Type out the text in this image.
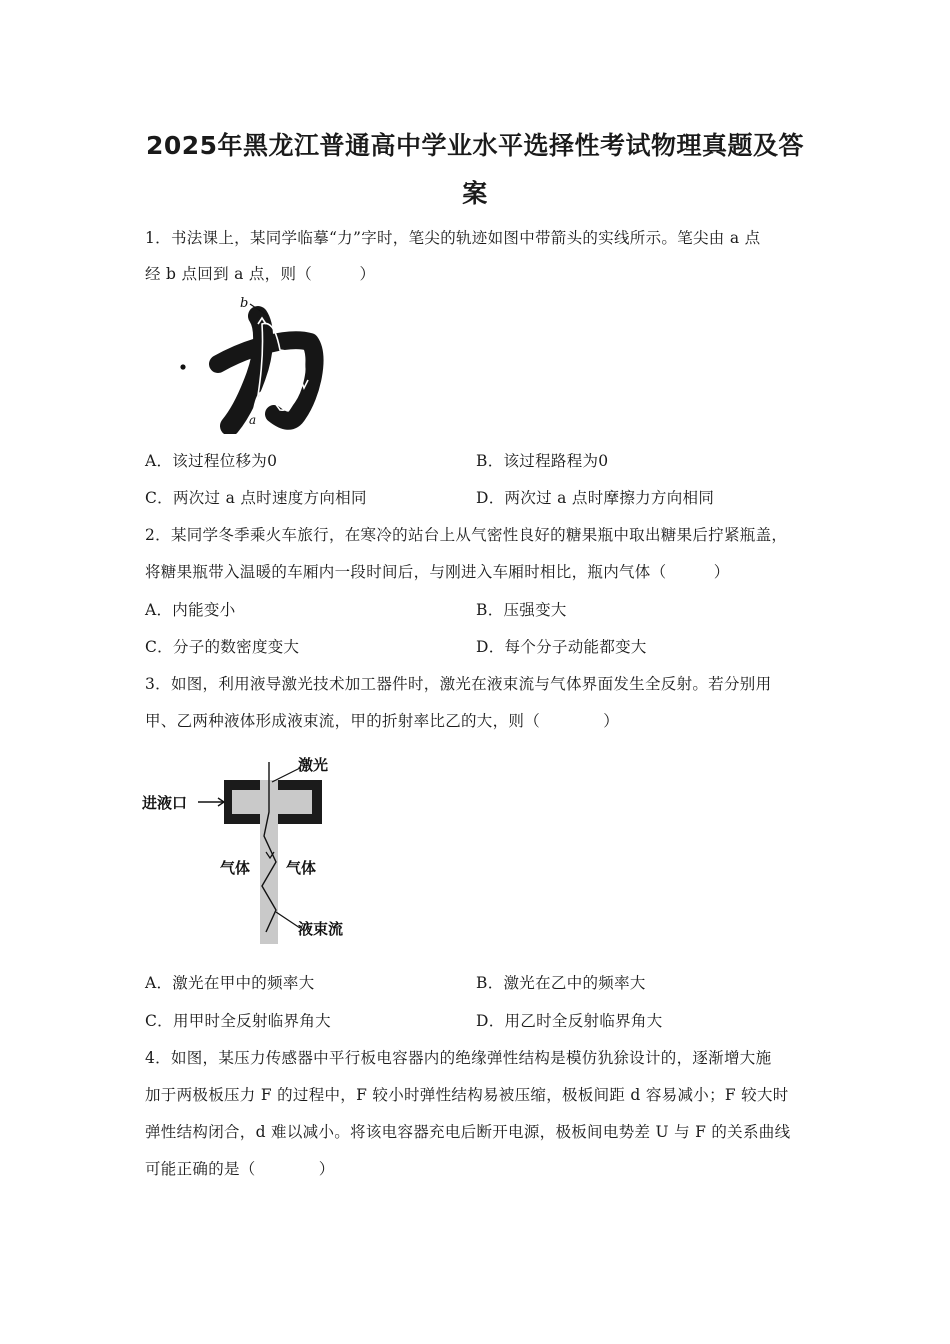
2025年黑龙江普通高中学业水平选择性考试物理真题及答
案
1．书法课上，某同学临摹“力”字时，笔尖的轨迹如图中带箭头的实线所示。笔尖由 a 点
经 b 点回到 a 点，则（　　　）
b
a
A．该过程位移为0	B．该过程路程为0
C．两次过 a 点时速度方向相同	D．两次过 a 点时摩擦力方向相同
2．某同学冬季乘火车旅行，在寒冷的站台上从气密性良好的糖果瓶中取出糖果后拧紧瓶盖，
将糖果瓶带入温暖的车厢内一段时间后，与刚进入车厢时相比，瓶内气体（　　　）
A．内能变小	B．压强变大
C．分子的数密度变大	D．每个分子动能都变大
3．如图，利用液导激光技术加工器件时，激光在液束流与气体界面发生全反射。若分别用
甲、乙两种液体形成液束流，甲的折射率比乙的大，则（　　　　）
进液口
激光
气体 气体
液束流
A．激光在甲中的频率大	B．激光在乙中的频率大
C．用甲时全反射临界角大	D．用乙时全反射临界角大
4．如图，某压力传感器中平行板电容器内的绝缘弹性结构是模仿犰狳设计的，逐渐增大施
加于两极板压力 F 的过程中，F 较小时弹性结构易被压缩，极板间距 d 容易减小；F 较大时
弹性结构闭合，d 难以减小。将该电容器充电后断开电源，极板间电势差 U 与 F 的关系曲线
可能正确的是（　　　　）
